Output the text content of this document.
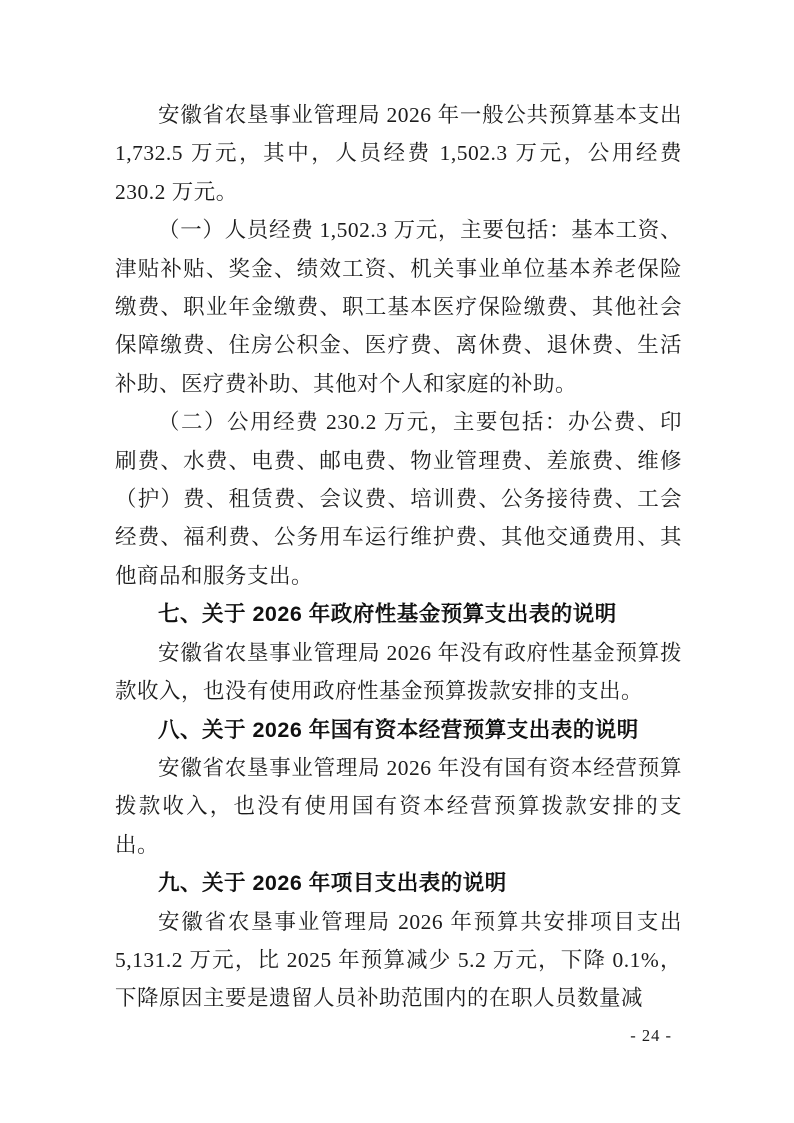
安徽省农垦事业管理局 2026 年一般公共预算基本支出 1,732.5 万元，其中，人员经费 1,502.3 万元，公用经费 230.2 万元。

（一）人员经费 1,502.3 万元，主要包括：基本工资、津贴补贴、奖金、绩效工资、机关事业单位基本养老保险缴费、职业年金缴费、职工基本医疗保险缴费、其他社会保障缴费、住房公积金、医疗费、离休费、退休费、生活补助、医疗费补助、其他对个人和家庭的补助。

（二）公用经费 230.2 万元，主要包括：办公费、印刷费、水费、电费、邮电费、物业管理费、差旅费、维修（护）费、租赁费、会议费、培训费、公务接待费、工会经费、福利费、公务用车运行维护费、其他交通费用、其他商品和服务支出。

七、关于 2026 年政府性基金预算支出表的说明

安徽省农垦事业管理局 2026 年没有政府性基金预算拨款收入，也没有使用政府性基金预算拨款安排的支出。

八、关于 2026 年国有资本经营预算支出表的说明

安徽省农垦事业管理局 2026 年没有国有资本经营预算拨款收入，也没有使用国有资本经营预算拨款安排的支出。

九、关于 2026 年项目支出表的说明

安徽省农垦事业管理局 2026 年预算共安排项目支出 5,131.2 万元，比 2025 年预算减少 5.2 万元，下降 0.1%，下降原因主要是遗留人员补助范围内的在职人员数量减

- 24 -
